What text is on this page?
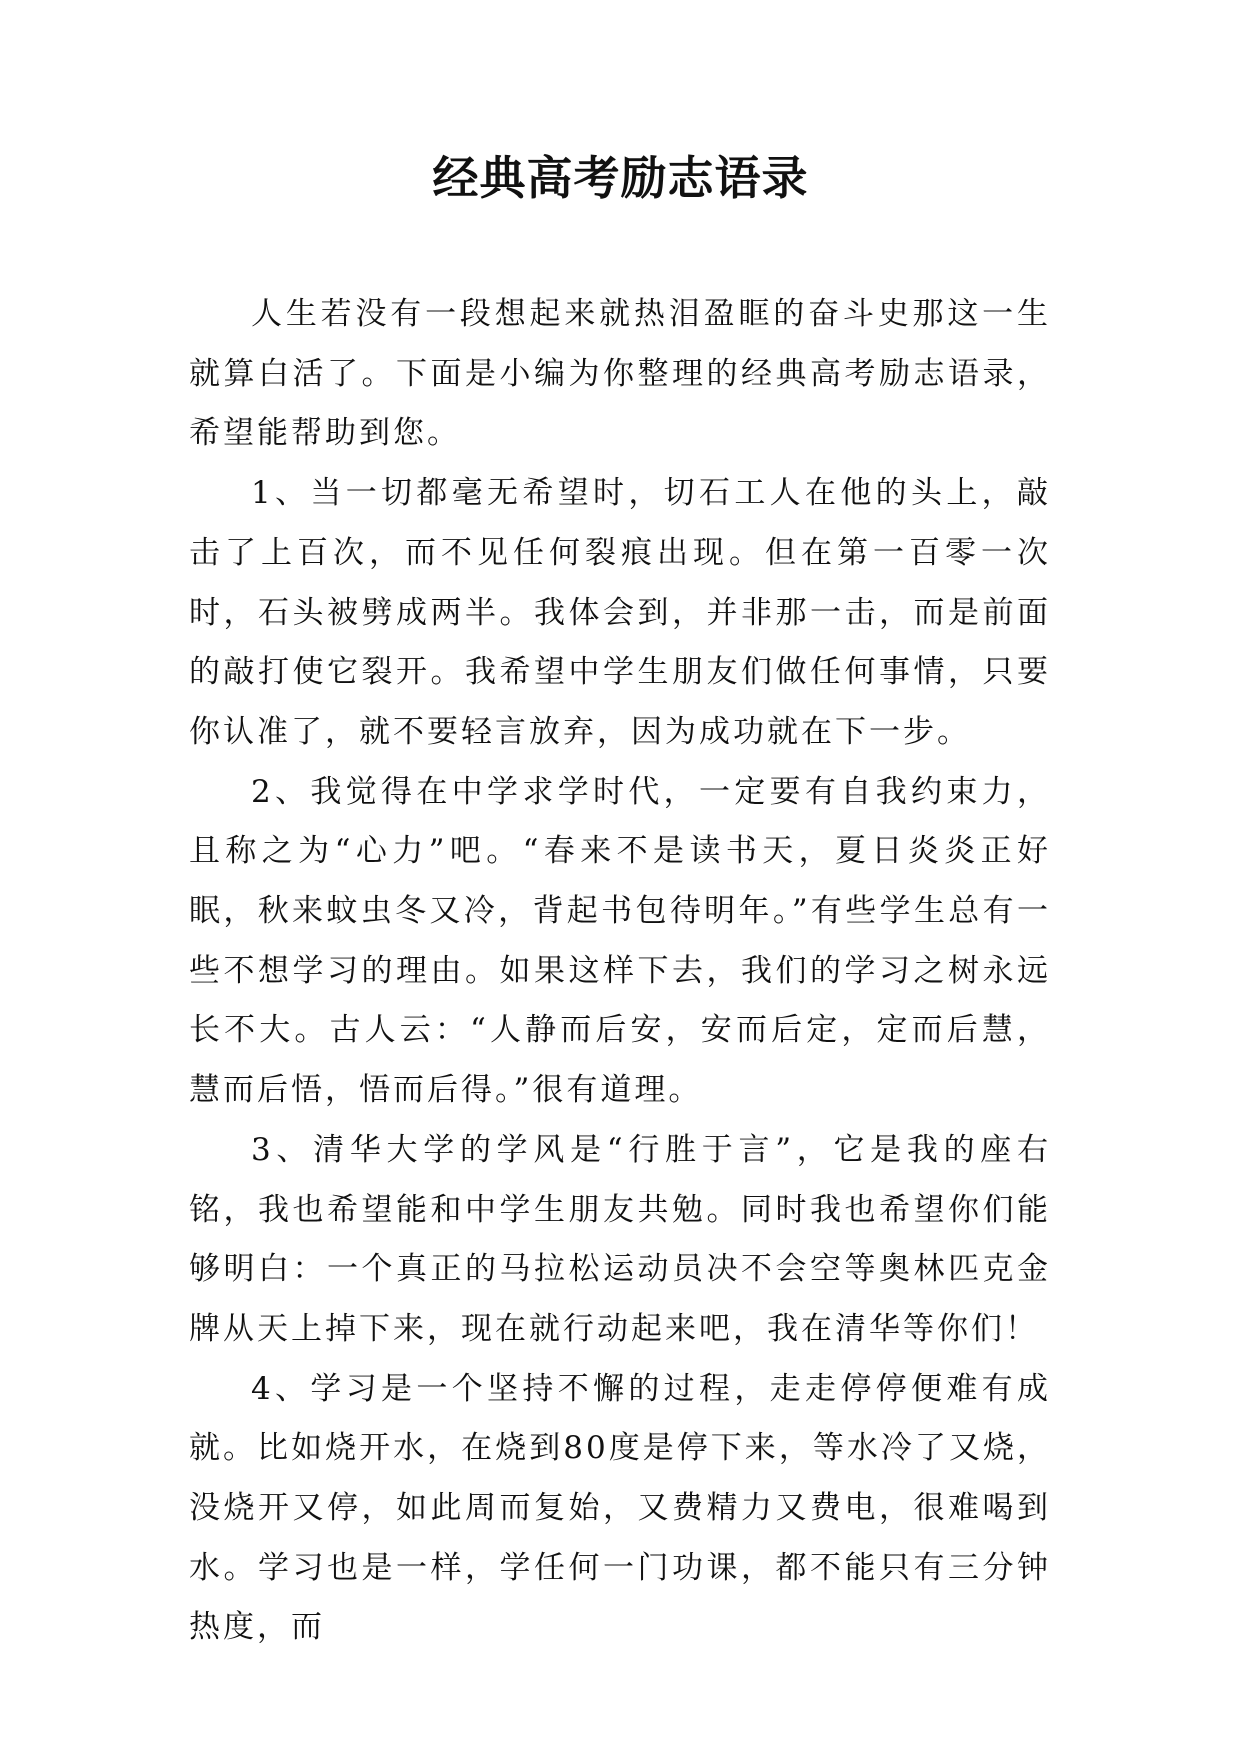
经典高考励志语录

人生若没有一段想起来就热泪盈眶的奋斗史那这一生就算白活了。下面是小编为你整理的经典高考励志语录，希望能帮助到您。

1、当一切都毫无希望时，切石工人在他的头上，敲击了上百次，而不见任何裂痕出现。但在第一百零一次时，石头被劈成两半。我体会到，并非那一击，而是前面的敲打使它裂开。我希望中学生朋友们做任何事情，只要你认准了，就不要轻言放弃，因为成功就在下一步。

2、我觉得在中学求学时代，一定要有自我约束力，且称之为“心力”吧。“春来不是读书天，夏日炎炎正好眠，秋来蚊虫冬又冷，背起书包待明年。”有些学生总有一些不想学习的理由。如果这样下去，我们的学习之树永远长不大。古人云：“人静而后安，安而后定，定而后慧，慧而后悟，悟而后得。”很有道理。

3、清华大学的学风是“行胜于言”，它是我的座右铭，我也希望能和中学生朋友共勉。同时我也希望你们能够明白：一个真正的马拉松运动员决不会空等奥林匹克金牌从天上掉下来，现在就行动起来吧，我在清华等你们！

4、学习是一个坚持不懈的过程，走走停停便难有成就。比如烧开水，在烧到80度是停下来，等水冷了又烧，没烧开又停，如此周而复始，又费精力又费电，很难喝到水。学习也是一样，学任何一门功课，都不能只有三分钟热度，而
